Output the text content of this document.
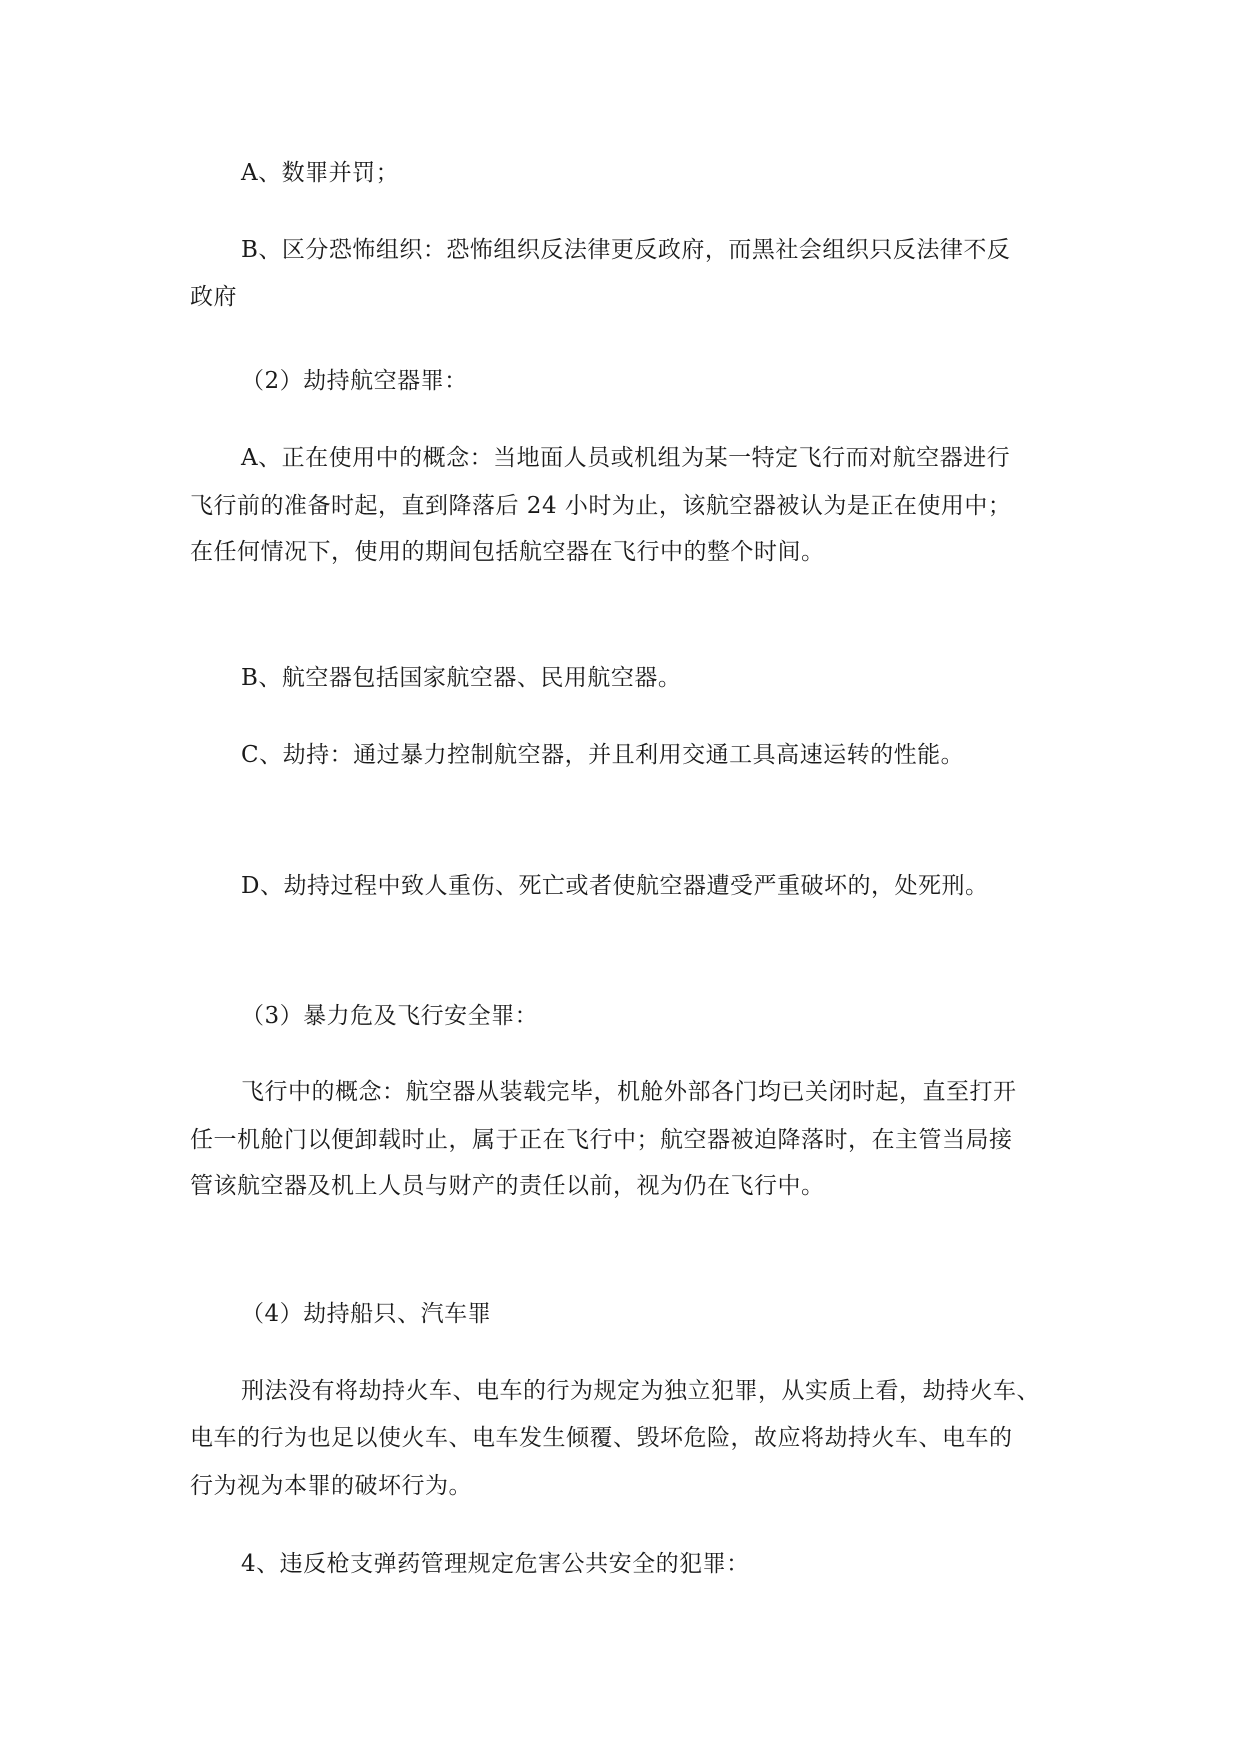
A、数罪并罚；
B、区分恐怖组织：恐怖组织反法律更反政府，而黑社会组织只反法律不反
政府
（2）劫持航空器罪：
A、正在使用中的概念：当地面人员或机组为某一特定飞行而对航空器进行
飞行前的准备时起，直到降落后 24 小时为止，该航空器被认为是正在使用中；
在任何情况下，使用的期间包括航空器在飞行中的整个时间。
B、航空器包括国家航空器、民用航空器。
C、劫持：通过暴力控制航空器，并且利用交通工具高速运转的性能。
D、劫持过程中致人重伤、死亡或者使航空器遭受严重破坏的，处死刑。
（3）暴力危及飞行安全罪：
飞行中的概念：航空器从装载完毕，机舱外部各门均已关闭时起，直至打开
任一机舱门以便卸载时止，属于正在飞行中；航空器被迫降落时，在主管当局接
管该航空器及机上人员与财产的责任以前，视为仍在飞行中。
（4）劫持船只、汽车罪
刑法没有将劫持火车、电车的行为规定为独立犯罪，从实质上看，劫持火车、
电车的行为也足以使火车、电车发生倾覆、毁坏危险，故应将劫持火车、电车的
行为视为本罪的破坏行为。
4、违反枪支弹药管理规定危害公共安全的犯罪：
